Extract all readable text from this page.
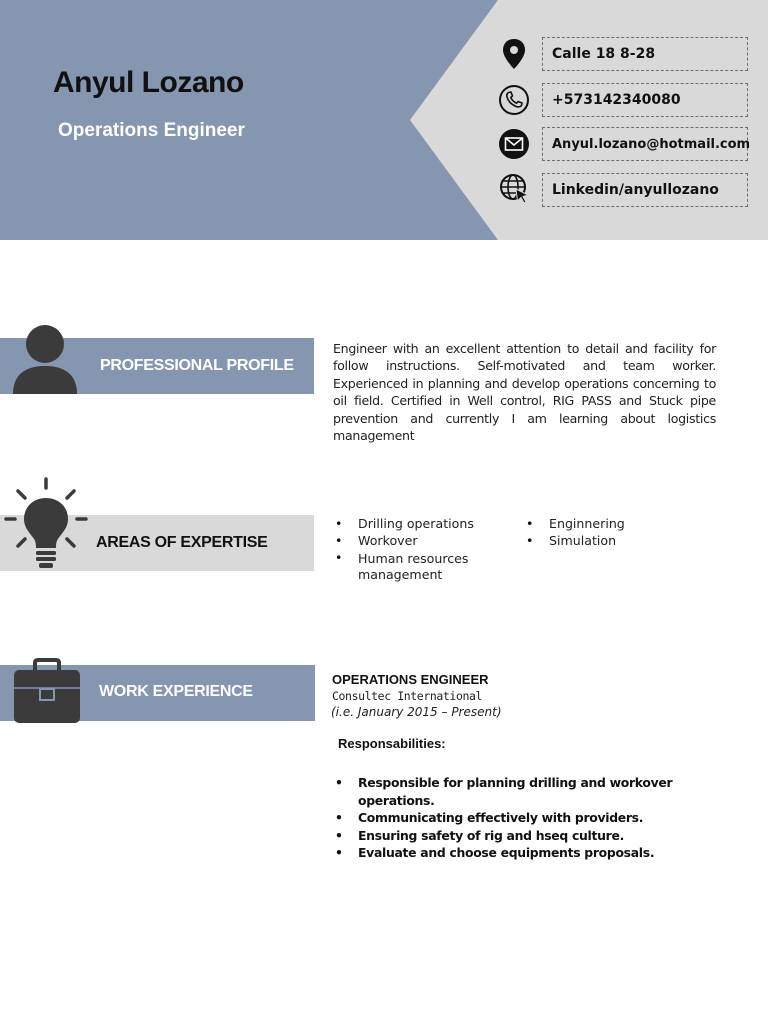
Anyul Lozano
Operations Engineer
Calle 18 8-28
+573142340080
Anyul.lozano@hotmail.com
Linkedin/anyullozano
PROFESSIONAL PROFILE
Engineer with an excellent attention to detail and facility for follow instructions. Self-motivated and team worker. Experienced in planning and develop operations concerning to oil field. Certified in Well control, RIG PASS and Stuck pipe prevention and currently I am learning about logistics management
AREAS OF EXPERTISE
• Drilling operations
• Workover
• Human resources management
• Enginnering
• Simulation
WORK EXPERIENCE
OPERATIONS ENGINEER
Consultec International
(i.e. January 2015 – Present)
Responsabilities:
• Responsible for planning drilling and workover operations.
• Communicating effectively with providers.
• Ensuring safety of rig and hseq culture.
• Evaluate and choose equipments proposals.
